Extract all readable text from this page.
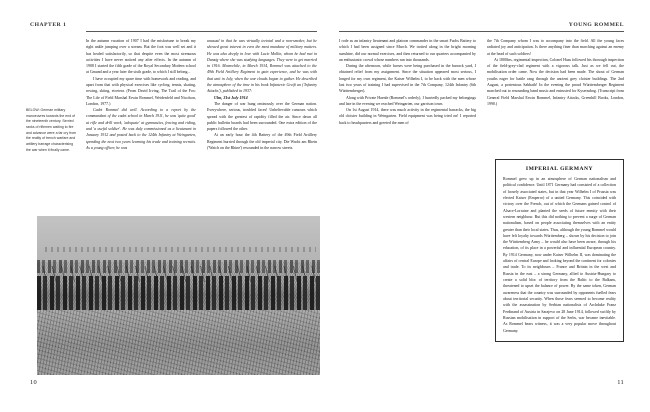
CHAPTER 1
BELOW: German military manoeuvres towards the end of the nineteenth century. Serried ranks of riflemen waiting to fire and advance were a far cry from the reality of trench warfare and artillery barrage characterising the war when it finally came.

In the autumn vacation of 1907 I had the misfortune to break my right ankle jumping over a stream. But the foot was well set and it has healed satisfactorily, so that despite even the most strenuous activities I have never noticed any after effects. In the autumn of 1908 I started the fifth grade of the Royal Secondary Modern school at Gmund and a year later the sixth grade, to which I still belong...

I have occupied my spare time with homework and reading, and apart from that with physical exercises like cycling, tennis, skating, rowing, skiing, etcetera. (From David Irving, The Trail of the Fox: The Life of Field Marshal Erwin Rommel, Weidenfeld and Nicolson, London, 1977.)

Cadet Rommel did well. According to a report by the commandant of the cadet school in March 1911, he was 'quite good' at rifle and drill work, 'adequate' at gymnastics, fencing and riding, and 'a useful soldier'. He was duly commissioned as a lieutenant in January 1912 and posted back to the 124th Infantry at Weingarten, spending the next two years learning his trade and training recruits. As a young officer, he was

unusual in that he was virtually teetotal and a non-smoker, but he showed great interest in even the most mundane of military matters. He was also deeply in love with Lucie Mollin, whom he had met in Danzig where she was studying languages. They were to get married in 1916. Meanwhile, in March 1914, Rommel was attached to the 49th Field Artillery Regiment to gain experience, and he was with that unit in July, when the war clouds began to gather. He described the atmosphere of the time in his book Infanterie Greift an ('Infantry Attacks'), published in 1937:

Ulm, 31st July 1914

The danger of war hung ominously over the German nation. Everywhere, serious, troubled faces! Unbelievable rumours which spread with the greatest of rapidity filled the air. Since dawn all public bulletin boards had been surrounded. One extra edition of the papers followed the other.

At an early hour the 4th Battery of the 49th Field Artillery Regiment hurried through the old imperial city. Die Wacht am Rhein ('Watch on the Rhine') resounded in the narrow streets.

10
YOUNG ROMMEL

I rode as an infantry lieutenant and platoon commander in the smart Fuchs Battery to which I had been assigned since March. We trotted along in the bright morning sunshine, did our normal exercises, and then returned to our quarters accompanied by an enthusiastic crowd whose numbers ran into thousands.

During the afternoon, while horses were being purchased in the barrack yard, I obtained relief from my assignment. Since the situation appeared most serious, I longed for my own regiment, the Kaiser Wilhelm I, to be back with the men whose last two years of training I had supervised in the 7th Company, 124th Infantry (6th Württemberger).

Along with Private Haenle (Rommel's orderly), I hurriedly packed my belongings and late in the evening we reached Weingarten, our garrison town.

On 1st August 1914, there was much activity in the regimental barracks, the big old cloister building in Weingarten. Field equipment was being tried on! I reported back to headquarters and greeted the men of

the 7th Company whom I was to accompany into the field. All the young faces radiated joy and anticipation. Is there anything finer than marching against an enemy at the head of such soldiers!

At 1800hrs, regimental inspection, Colonel Haas followed his thorough inspection of the field-grey-clad regiment with a vigorous talk. Just as we fell out, the mobilisation order came. Now the decision had been made. The shout of German youths eager for battle rang through the ancient grey cloister buildings. The 2nd August, a portentous Sabbath! In the evening the proud Württemberger Regiment marched out to resounding band music and entrusted for Kyserndorg. (Transcript from General Field Marshal Erwin Rommel, Infantry Attacks, Greenhill Books, London, 1990.)

IMPERIAL GERMANY

Rommel grew up in an atmosphere of German nationalism and political confidence. Until 1871 Germany had consisted of a collection of loosely associated states, but in that year Wilhelm I of Prussia was elected Kaiser (Emperor) of a united Germany. This coincided with victory over the French, out of which the Germans gained control of Alsace-Lorraine and planted the seeds of future enmity with their western neighbour. But this did nothing to prevent a surge of German nationalism, based on people associating themselves with an entity greater than their local states. Thus, although the young Rommel would have felt loyalty towards Württemberg – shown by his decision to join the Württemberg Army – he would also have been aware, through his education, of its place in a powerful and influential European country. By 1914 Germany, now under Kaiser Wilhelm II, was dominating the affairs of central Europe and looking beyond the continent for colonies and trade. To its neighbours – France and Britain in the west and Russia in the east – a strong Germany, allied to Austria-Hungary to create a solid bloc of territory from the Baltic to the Balkans, threatened to upset the balance of power. By the same token, German awareness that the country was surrounded by opponents fuelled fears about territorial security. When those fears seemed to become reality with the assassination by Serbian nationalists of Archduke Franz Ferdinand of Austria in Sarajevo on 28 June 1914, followed swiftly by Russian mobilisation in support of the Serbs, war became inevitable. As Rommel bears witness, it was a very popular move throughout Germany.

11
